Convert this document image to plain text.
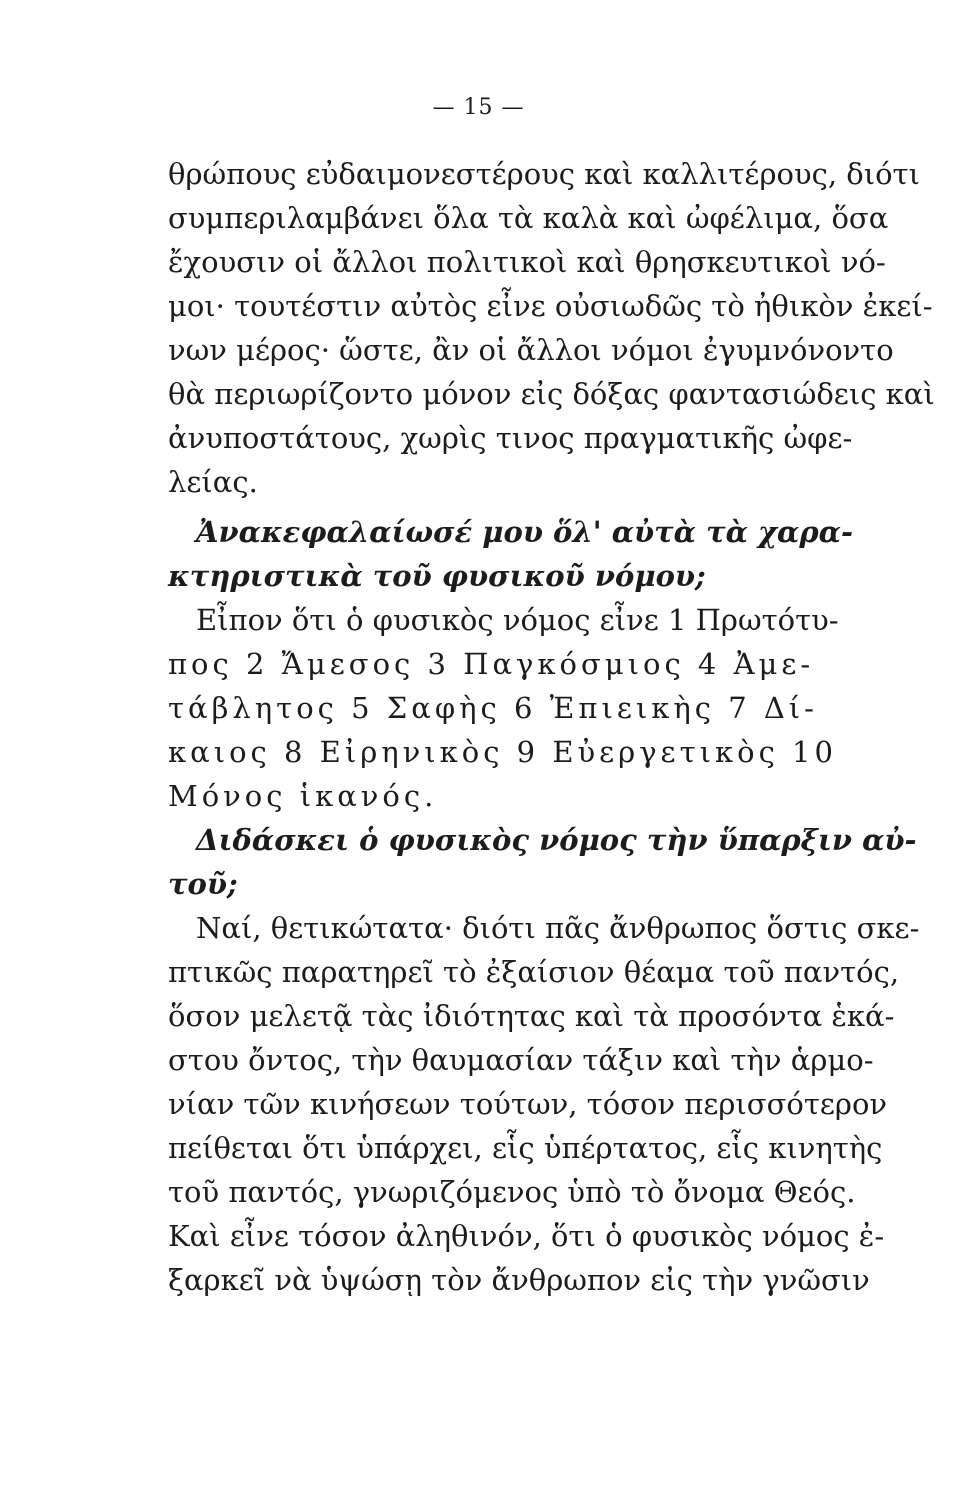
— 15 —
θρώπους εὐδαιμονεστέρους καὶ καλλιτέρους, διότι
συμπεριλαμβάνει ὅλα τὰ καλὰ καὶ ὠφέλιμα, ὅσα
ἔχουσιν οἱ ἄλλοι πολιτικοὶ καὶ θρησκευτικοὶ νό-
μοι· τουτέστιν αὐτὸς εἶνε οὐσιωδῶς τὸ ἠθικὸν ἐκεί-
νων μέρος· ὥστε, ἂν οἱ ἄλλοι νόμοι ἐγυμνόνοντο
θὰ περιωρίζοντο μόνον εἰς δόξας φαντασιώδεις καὶ
ἀνυποστάτους, χωρὶς τινος πραγματικῆς ὠφε-
λείας.
Ἀνακεφαλαίωσέ μου ὅλ' αὐτὰ τὰ χαρα-
κτηριστικὰ τοῦ φυσικοῦ νόμου;
Εἶπον ὅτι ὁ φυσικὸς νόμος εἶνε 1 Πρωτότυ-
πος 2 Ἄμεσος 3 Παγκόσμιος 4 Ἀμε-
τάβλητος 5 Σαφὴς 6 Ἐπιεικὴς 7 Δί-
καιος 8 Εἰρηνικὸς 9 Εὐεργετικὸς 10
Μόνος ἱκανός.
Διδάσκει ὁ φυσικὸς νόμος τὴν ὕπαρξιν αὐ-
τοῦ;
Ναί, θετικώτατα· διότι πᾶς ἄνθρωπος ὅστις σκε-
πτικῶς παρατηρεῖ τὸ ἐξαίσιον θέαμα τοῦ παντός,
ὅσον μελετᾷ τὰς ἰδιότητας καὶ τὰ προσόντα ἑκά-
στου ὄντος, τὴν θαυμασίαν τάξιν καὶ τὴν ἁρμο-
νίαν τῶν κινήσεων τούτων, τόσον περισσότερον
πείθεται ὅτι ὑπάρχει, εἷς ὑπέρτατος, εἷς κινητὴς
τοῦ παντός, γνωριζόμενος ὑπὸ τὸ ὄνομα Θεός.
Καὶ εἶνε τόσον ἀληθινόν, ὅτι ὁ φυσικὸς νόμος ἐ-
ξαρκεῖ νὰ ὑψώσῃ τὸν ἄνθρωπον εἰς τὴν γνῶσιν
